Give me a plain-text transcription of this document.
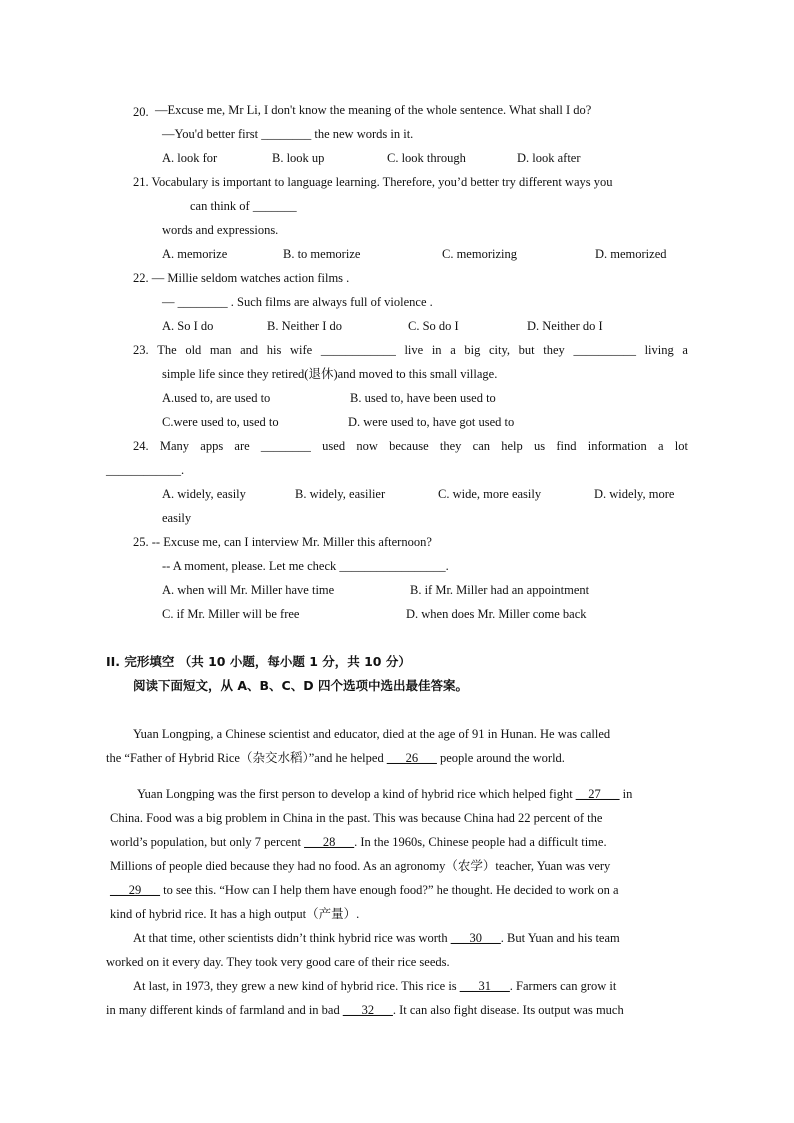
20. —Excuse me, Mr Li, I don't know the meaning of the whole sentence. What shall I do?
—You'd better first ________ the new words in it.
A. look for	B. look up	C. look through	D. look after
21. Vocabulary is important to language learning. Therefore, you’d better try different ways you
can think of _______
words and expressions.
A. memorize	B. to memorize	C. memorizing	D. memorized
22. — Millie seldom watches action films .
— ________ . Such films are always full of violence .
A. So I do	B. Neither I do	C. So do I	D. Neither do I
23. The old man and his wife ____________ live in a big city, but they __________ living a
simple life since they retired(退休)and moved to this small village.
A.used to, are used to	B. used to, have been used to
C.were used to, used to	D. were used to, have got used to
24. Many apps are ________ used now because they can help us find information a lot
____________.
A. widely, easily	B. widely, easilier	C. wide, more easily	D. widely, more
easily
25. -- Excuse me, can I interview Mr. Miller this afternoon?
-- A moment, please. Let me check _________________.
A. when will Mr. Miller have time	B. if Mr. Miller had an appointment
C. if Mr. Miller will be free	D. when does Mr. Miller come back
II. 完形填空 （共 10 小题，每小题 1 分，共 10 分）
阅读下面短文，从 A、B、C、D 四个选项中选出最佳答案。
Yuan Longping, a Chinese scientist and educator, died at the age of 91 in Hunan. He was called
the “Father of Hybrid Rice（杂交水稻）”and he helped ___26___ people around the world.
Yuan Longping was the first person to develop a kind of hybrid rice which helped fight __27___ in
China. Food was a big problem in China in the past. This was because China had 22 percent of the
world’s population, but only 7 percent ___28___. In the 1960s, Chinese people had a difficult time.
Millions of people died because they had no food. As an agronomy（农学）teacher, Yuan was very
___29___ to see this. “How can I help them have enough food?” he thought. He decided to work on a
kind of hybrid rice. It has a high output（产量）.
At that time, other scientists didn’t think hybrid rice was worth ___30___. But Yuan and his team
worked on it every day. They took very good care of their rice seeds.
At last, in 1973, they grew a new kind of hybrid rice. This rice is ___31___. Farmers can grow it
in many different kinds of farmland and in bad ___32___. It can also fight disease. Its output was much
